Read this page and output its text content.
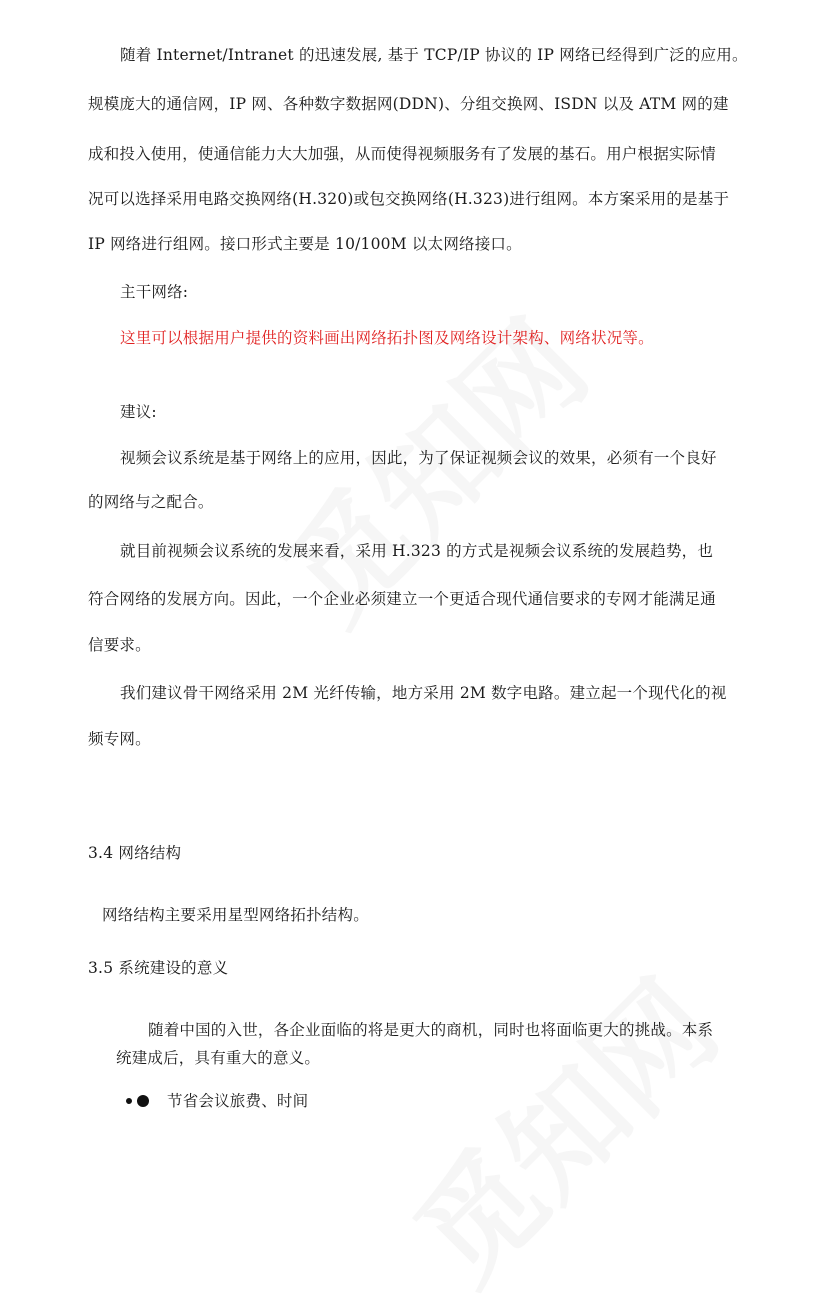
随着 Internet/Intranet 的迅速发展, 基于 TCP/IP 协议的 IP 网络已经得到广泛的应用。
规模庞大的通信网，IP 网、各种数字数据网(DDN)、分组交换网、ISDN 以及 ATM 网的建
成和投入使用，使通信能力大大加强，从而使得视频服务有了发展的基石。用户根据实际情
况可以选择采用电路交换网络(H.320)或包交换网络(H.323)进行组网。本方案采用的是基于
IP 网络进行组网。接口形式主要是 10/100M 以太网络接口。
主干网络:
这里可以根据用户提供的资料画出网络拓扑图及网络设计架构、网络状况等。
建议:
视频会议系统是基于网络上的应用，因此，为了保证视频会议的效果，必须有一个良好
的网络与之配合。
就目前视频会议系统的发展来看，采用 H.323 的方式是视频会议系统的发展趋势，也
符合网络的发展方向。因此，一个企业必须建立一个更适合现代通信要求的专网才能满足通
信要求。
我们建议骨干网络采用 2M 光纤传输，地方采用 2M 数字电路。建立起一个现代化的视
频专网。
3.4 网络结构
网络结构主要采用星型网络拓扑结构。
3.5 系统建设的意义
随着中国的入世，各企业面临的将是更大的商机，同时也将面临更大的挑战。本系
统建成后，具有重大的意义。
节省会议旅费、时间
